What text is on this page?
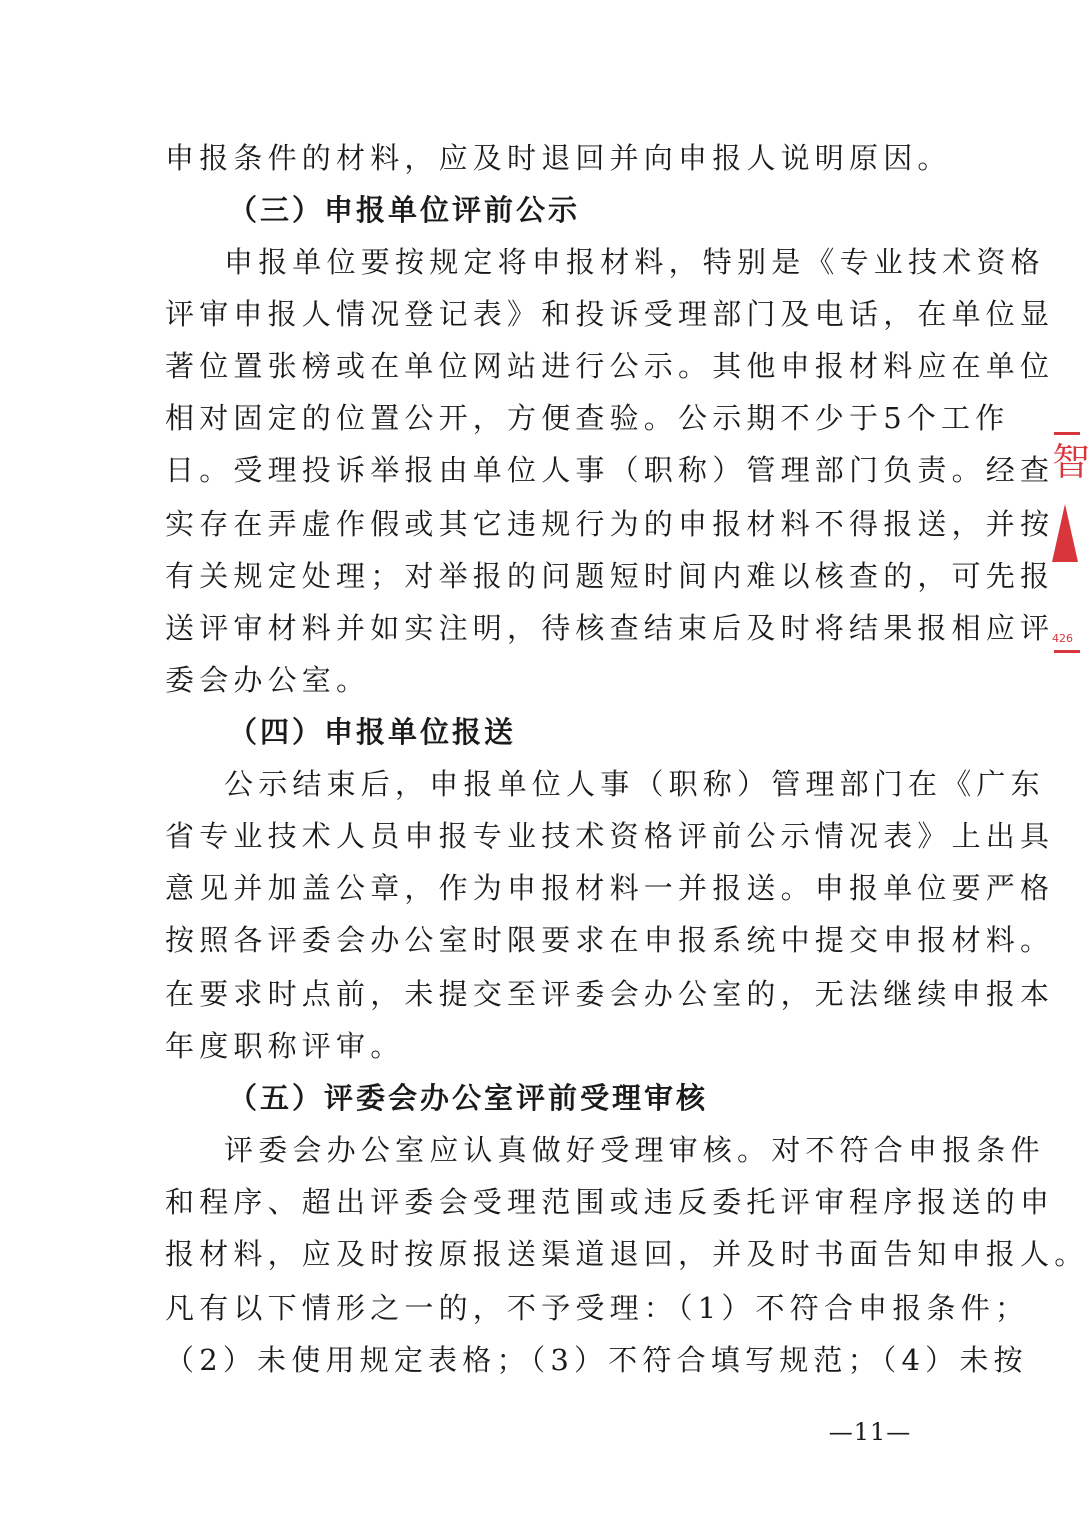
申报条件的材料，应及时退回并向申报人说明原因。
（三）申报单位评前公示
申报单位要按规定将申报材料，特别是《专业技术资格
评审申报人情况登记表》和投诉受理部门及电话，在单位显
著位置张榜或在单位网站进行公示。其他申报材料应在单位
相对固定的位置公开，方便查验。公示期不少于5个工作
日。受理投诉举报由单位人事（职称）管理部门负责。经查
实存在弄虚作假或其它违规行为的申报材料不得报送，并按
有关规定处理；对举报的问题短时间内难以核查的，可先报
送评审材料并如实注明，待核查结束后及时将结果报相应评
委会办公室。
（四）申报单位报送
公示结束后，申报单位人事（职称）管理部门在《广东
省专业技术人员申报专业技术资格评前公示情况表》上出具
意见并加盖公章，作为申报材料一并报送。申报单位要严格
按照各评委会办公室时限要求在申报系统中提交申报材料。
在要求时点前，未提交至评委会办公室的，无法继续申报本
年度职称评审。
（五）评委会办公室评前受理审核
评委会办公室应认真做好受理审核。对不符合申报条件
和程序、超出评委会受理范围或违反委托评审程序报送的申
报材料，应及时按原报送渠道退回，并及时书面告知申报人。
凡有以下情形之一的，不予受理：（1）不符合申报条件；
（2）未使用规定表格；（3）不符合填写规范；（4）未按
—11—
智
426
